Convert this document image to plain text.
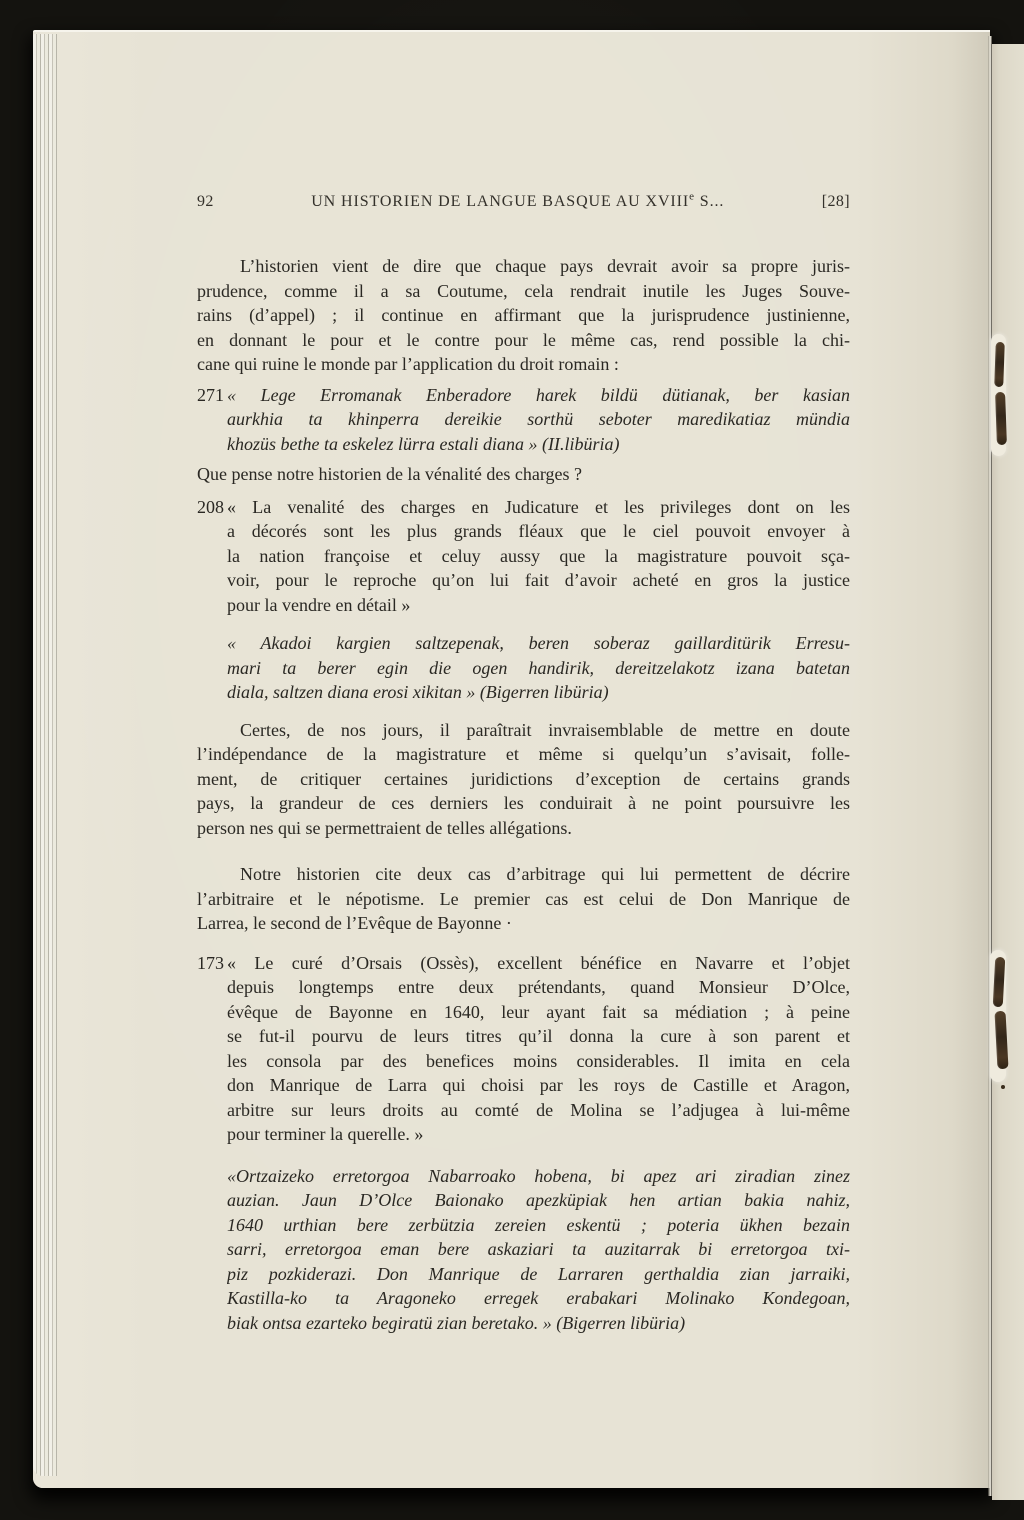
92	UN HISTORIEN DE LANGUE BASQUE AU XVIIIe S...	[28]
L’historien vient de dire que chaque pays devrait avoir sa propre juris-
prudence, comme il a sa Coutume, cela rendrait inutile les Juges Souve-
rains (d’appel) ; il continue en affirmant que la jurisprudence justinienne,
en donnant le pour et le contre pour le même cas, rend possible la chi-
cane qui ruine le monde par l’application du droit romain :
271 « Lege Erromanak Enberadore harek bildü dütianak, ber kasian
aurkhia ta khinperra dereikie sorthü seboter maredikatiaz mündia
khozüs bethe ta eskelez lürra estali diana » (II.libüria)
Que pense notre historien de la vénalité des charges ?
208 « La venalité des charges en Judicature et les privileges dont on les
a décorés sont les plus grands fléaux que le ciel pouvoit envoyer à
la nation françoise et celuy aussy que la magistrature pouvoit sça-
voir, pour le reproche qu’on lui fait d’avoir acheté en gros la justice
pour la vendre en détail »
« Akadoi kargien saltzepenak, beren soberaz gaillarditürik Erresu-
mari ta berer egin die ogen handirik, dereitzelakotz izana batetan
diala, saltzen diana erosi xikitan » (Bigerren libüria)
Certes, de nos jours, il paraîtrait invraisemblable de mettre en doute
l’indépendance de la magistrature et même si quelqu’un s’avisait, folle-
ment, de critiquer certaines juridictions d’exception de certains grands
pays, la grandeur de ces derniers les conduirait à ne point poursuivre les
person nes qui se permettraient de telles allégations.
Notre historien cite deux cas d’arbitrage qui lui permettent de décrire
l’arbitraire et le népotisme. Le premier cas est celui de Don Manrique de
Larrea, le second de l’Evêque de Bayonne ·
173 « Le curé d’Orsais (Ossès), excellent bénéfice en Navarre et l’objet
depuis longtemps entre deux prétendants, quand Monsieur D’Olce,
évêque de Bayonne en 1640, leur ayant fait sa médiation ; à peine
se fut-il pourvu de leurs titres qu’il donna la cure à son parent et
les consola par des benefices moins considerables. Il imita en cela
don Manrique de Larra qui choisi par les roys de Castille et Aragon,
arbitre sur leurs droits au comté de Molina se l’adjugea à lui-même
pour terminer la querelle. »
«Ortzaizeko erretorgoa Nabarroako hobena, bi apez ari ziradian zinez
auzian. Jaun D’Olce Baionako apezküpiak hen artian bakia nahiz,
1640 urthian bere zerbützia zereien eskentü ; poteria ükhen bezain
sarri, erretorgoa eman bere askaziari ta auzitarrak bi erretorgoa txi-
piz pozkiderazi. Don Manrique de Larraren gerthaldia zian jarraiki,
Kastilla-ko ta Aragoneko erregek erabakari Molinako Kondegoan,
biak ontsa ezarteko begiratü zian beretako. » (Bigerren libüria)
